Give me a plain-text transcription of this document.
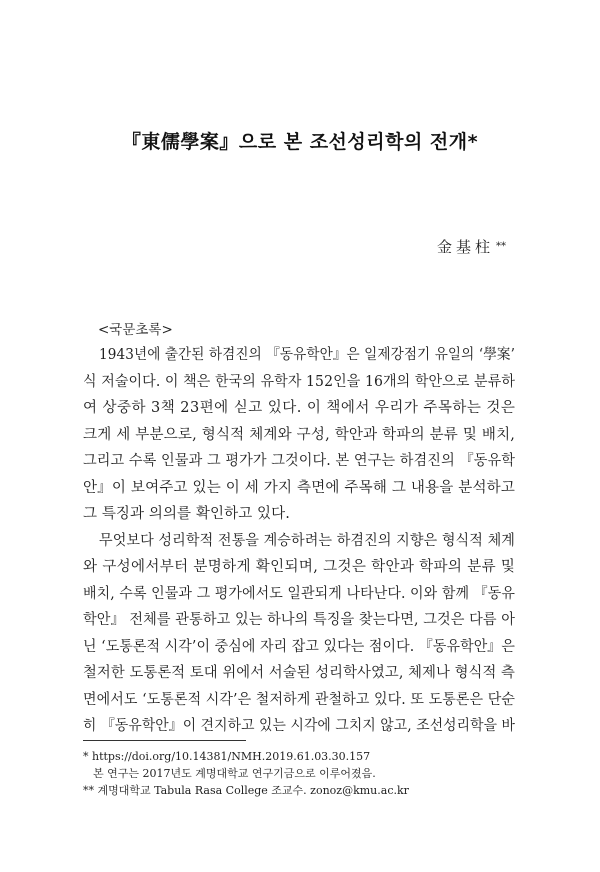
『東儒學案』으로 본 조선성리학의 전개*
金基柱 **
<국문초록>
1943년에 출간된 하겸진의 『동유학안』은 일제강점기 유일의 ‘學案’
식 저술이다. 이 책은 한국의 유학자 152인을 16개의 학안으로 분류하
여 상중하 3책 23편에 싣고 있다. 이 책에서 우리가 주목하는 것은
크게 세 부분으로, 형식적 체계와 구성, 학안과 학파의 분류 및 배치,
그리고 수록 인물과 그 평가가 그것이다. 본 연구는 하겸진의 『동유학
안』이 보여주고 있는 이 세 가지 측면에 주목해 그 내용을 분석하고
그 특징과 의의를 확인하고 있다.
무엇보다 성리학적 전통을 계승하려는 하겸진의 지향은 형식적 체계
와 구성에서부터 분명하게 확인되며, 그것은 학안과 학파의 분류 및
배치, 수록 인물과 그 평가에서도 일관되게 나타난다. 이와 함께 『동유
학안』 전체를 관통하고 있는 하나의 특징을 찾는다면, 그것은 다름 아
닌 ‘도통론적 시각’이 중심에 자리 잡고 있다는 점이다. 『동유학안』은
철저한 도통론적 토대 위에서 서술된 성리학사였고, 체제나 형식적 측
면에서도 ‘도통론적 시각’은 철저하게 관철하고 있다. 또 도통론은 단순
히 『동유학안』이 견지하고 있는 시각에 그치지 않고, 조선성리학을 바
* https://doi.org/10.14381/NMH.2019.61.03.30.157
본 연구는 2017년도 계명대학교 연구기금으로 이루어졌음.
** 계명대학교 Tabula Rasa College 조교수. zonoz@kmu.ac.kr
